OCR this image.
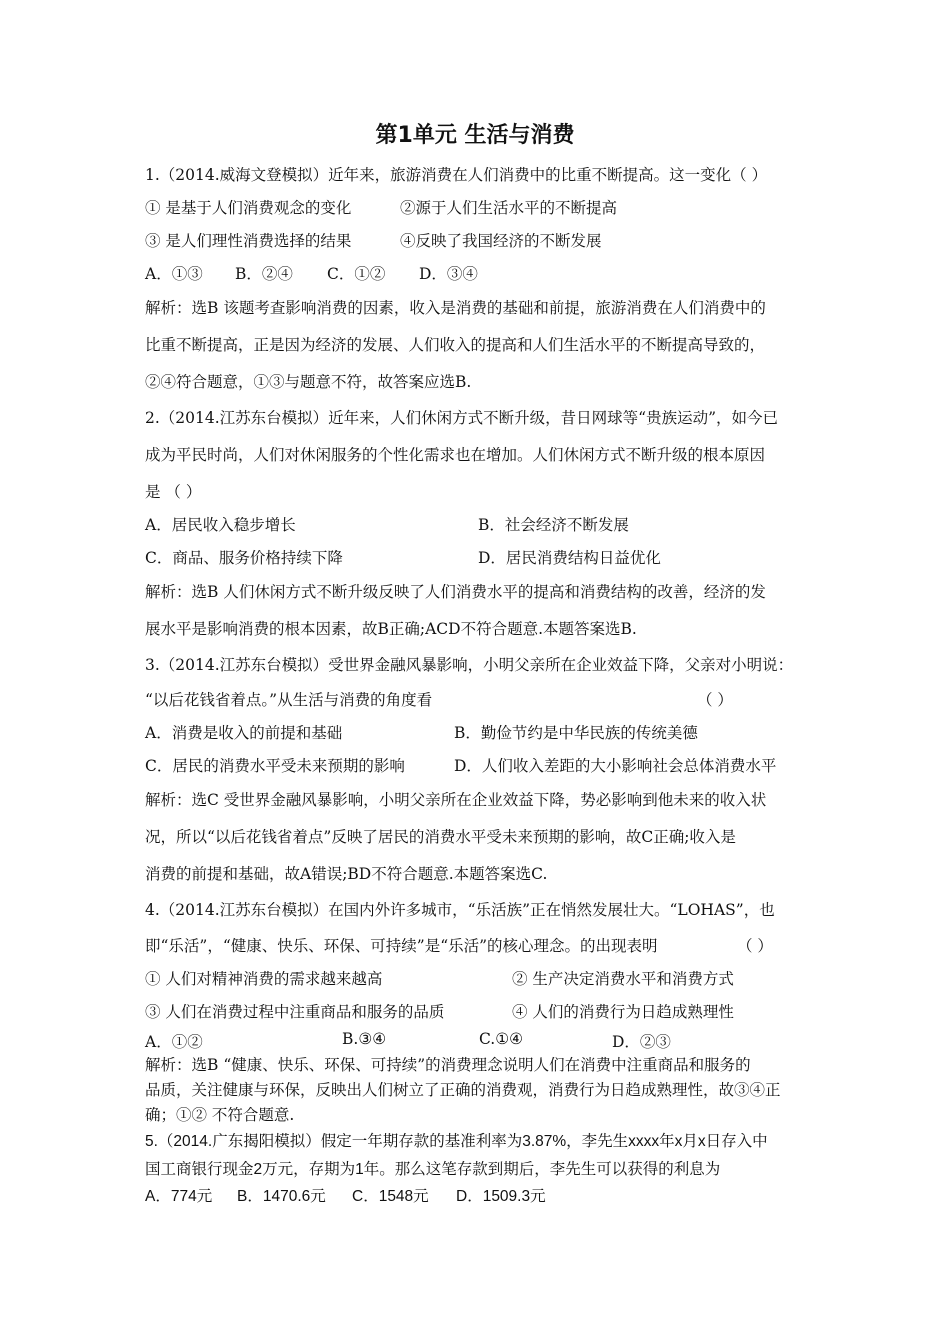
第1单元 生活与消费
1.（2014.威海文登模拟）近年来，旅游消费在人们消费中的比重不断提高。这一变化（ ）
① 是基于人们消费观念的变化	②源于人们生活水平的不断提高
③ 是人们理性消费选择的结果	④反映了我国经济的不断发展
A．①③ B．②④ C．①② D．③④
解析：选B 该题考查影响消费的因素，收入是消费的基础和前提，旅游消费在人们消费中的
比重不断提高，正是因为经济的发展、人们收入的提高和人们生活水平的不断提高导致的，
②④符合题意，①③与题意不符，故答案应选B.
2.（2014.江苏东台模拟）近年来，人们休闲方式不断升级，昔日网球等“贵族运动”，如今已
成为平民时尚，人们对休闲服务的个性化需求也在增加。人们休闲方式不断升级的根本原因
是 （ ）
A．居民收入稳步增长	B．社会经济不断发展
C．商品、服务价格持续下降	D．居民消费结构日益优化
解析：选B 人们休闲方式不断升级反映了人们消费水平的提高和消费结构的改善，经济的发
展水平是影响消费的根本因素，故B正确;ACD不符合题意.本题答案选B.
3.（2014.江苏东台模拟）受世界金融风暴影响，小明父亲所在企业效益下降，父亲对小明说：
“以后花钱省着点。”从生活与消费的角度看	（ ）
A．消费是收入的前提和基础	B．勤俭节约是中华民族的传统美德
C．居民的消费水平受未来预期的影响	D．人们收入差距的大小影响社会总体消费水平
解析：选C 受世界金融风暴影响，小明父亲所在企业效益下降，势必影响到他未来的收入状
况，所以“以后花钱省着点”反映了居民的消费水平受未来预期的影响，故C正确;收入是
消费的前提和基础，故A错误;BD不符合题意.本题答案选C.
4.（2014.江苏东台模拟）在国内外许多城市，“乐活族”正在悄然发展壮大。“LOHAS”，也
即“乐活”，“健康、快乐、环保、可持续”是“乐活”的核心理念。的出现表明	（ ）
① 人们对精神消费的需求越来越高	② 生产决定消费水平和消费方式
③ 人们在消费过程中注重商品和服务的品质	④ 人们的消费行为日趋成熟理性
A．①②	B.③④	C.①④	D．②③
解析：选B “健康、快乐、环保、可持续”的消费理念说明人们在消费中注重商品和服务的
品质，关注健康与环保，反映出人们树立了正确的消费观，消费行为日趋成熟理性，故③④正
确；①② 不符合题意.
5.（2014.广东揭阳模拟）假定一年期存款的基准利率为3.87%，李先生xxxx年x月x日存入中
国工商银行现金2万元，存期为1年。那么这笔存款到期后，李先生可以获得的利息为
A．774元 B．1470.6元 C．1548元 D．1509.3元
